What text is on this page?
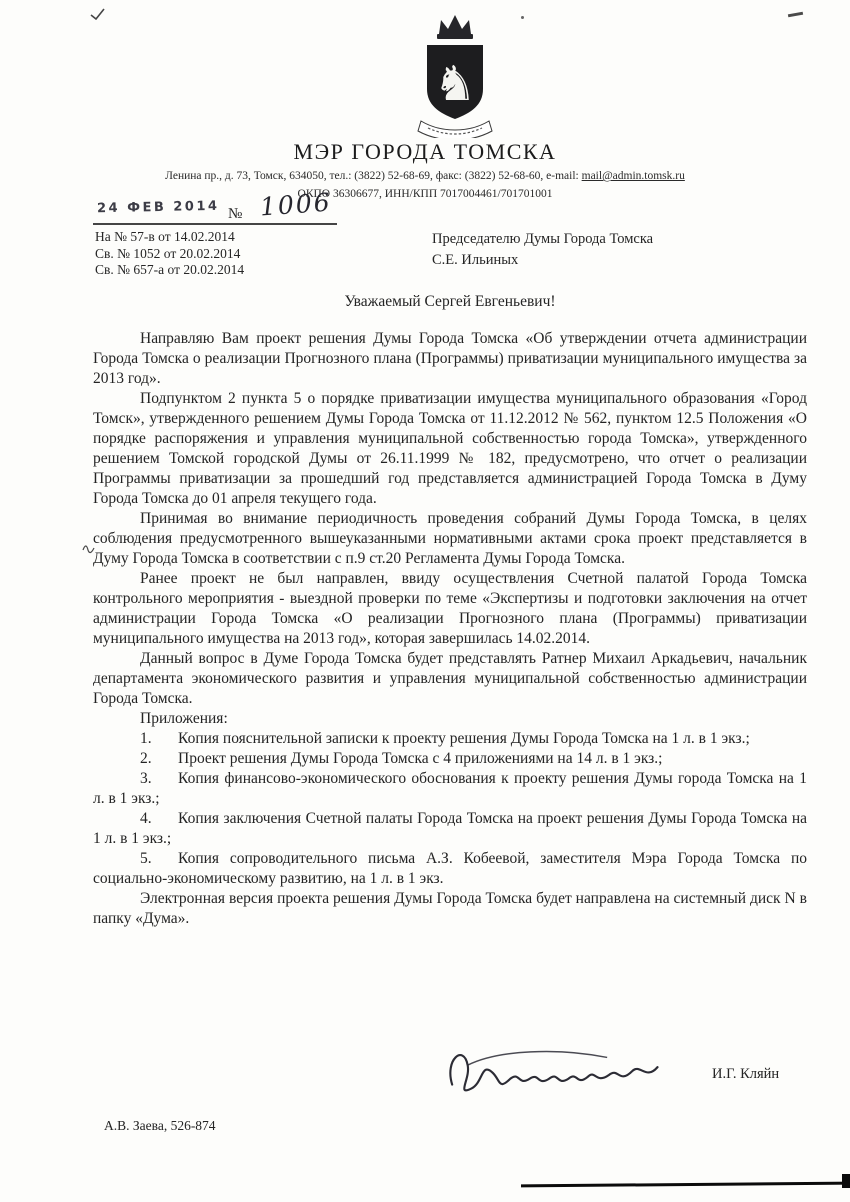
♞
МЭР ГОРОДА ТОМСКА
Ленина пр., д. 73, Томск, 634050, тел.: (3822) 52-68-69, факс: (3822) 52-68-60, e-mail: mail@admin.tomsk.ru
ОКПО 36306677, ИНН/КПП 7017004461/701701001
24 ФЕВ 2014 № 1006
На № 57-в от 14.02.2014
Св. № 1052 от 20.02.2014
Св. № 657-а от 20.02.2014
Председателю Думы Города Томска
С.Е. Ильиных

Уважаемый Сергей Евгеньевич!

Направляю Вам проект решения Думы Города Томска «Об утверждении отчета администрации Города Томска о реализации Прогнозного плана (Программы) приватизации муниципального имущества за 2013 год».

Подпунктом 2 пункта 5 о порядке приватизации имущества муниципального образования «Город Томск», утвержденного решением Думы Города Томска от 11.12.2012 № 562, пунктом 12.5 Положения «О порядке распоряжения и управления муниципальной собственностью города Томска», утвержденного решением Томской городской Думы от 26.11.1999 № 182, предусмотрено, что отчет о реализации Программы приватизации за прошедший год представляется администрацией Города Томска в Думу Города Томска до 01 апреля текущего года.

Принимая во внимание периодичность проведения собраний Думы Города Томска, в целях соблюдения предусмотренного вышеуказанными нормативными актами срока проект представляется в Думу Города Томска в соответствии с п.9 ст.20 Регламента Думы Города Томска.

Ранее проект не был направлен, ввиду осуществления Счетной палатой Города Томска контрольного мероприятия - выездной проверки по теме «Экспертизы и подготовки заключения на отчет администрации Города Томска «О реализации Прогнозного плана (Программы) приватизации муниципального имущества на 2013 год», которая завершилась 14.02.2014.

Данный вопрос в Думе Города Томска будет представлять Ратнер Михаил Аркадьевич, начальник департамента экономического развития и управления муниципальной собственностью администрации Города Томска.

Приложения:

1. Копия пояснительной записки к проекту решения Думы Города Томска на 1 л. в 1 экз.;

2. Проект решения Думы Города Томска с 4 приложениями на 14 л. в 1 экз.;

3. Копия финансово-экономического обоснования к проекту решения Думы города Томска на 1 л. в 1 экз.;

4. Копия заключения Счетной палаты Города Томска на проект решения Думы Города Томска на 1 л. в 1 экз.;

5. Копия сопроводительного письма А.З. Кобеевой, заместителя Мэра Города Томска по социально-экономическому развитию, на 1 л. в 1 экз.

Электронная версия проекта решения Думы Города Томска будет направлена на системный диск N в папку «Дума».

И.Г. Кляйн
А.В. Заева, 526-874
